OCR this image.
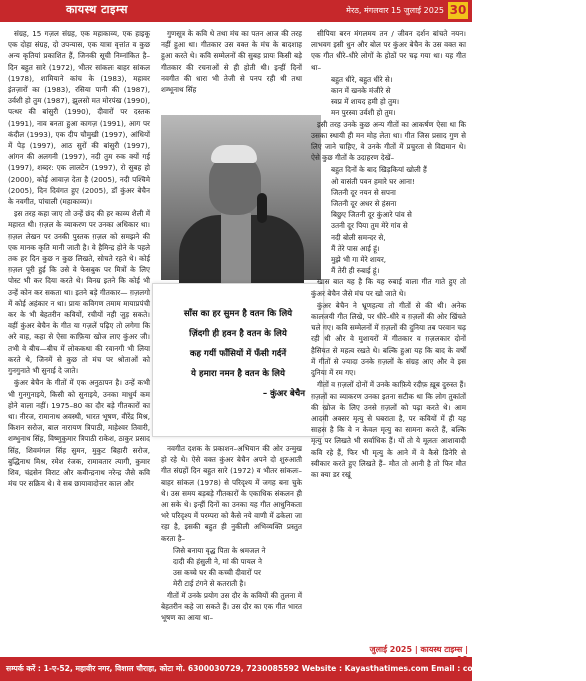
कायस्थ टाइम्स	मेरठ, मंगलवार 15 जुलाई 2025 30

संग्रह, 15 गज़ल संग्रह, एक महाकाव्य, एक हाइकू एक दोहा संग्रह, दो उपन्यास, एक यात्रा वृत्तांत व कुछ अन्य कृतियां प्रकाशित हैं, जिनकी सूची निम्नांकित है– दिन बहुत सारे (1972), भीतर सांकलः बाहर सांकल (1978), शामियाने कांच के (1983), महावर इंतज़ारों का (1983), रसिया पानी की (1987), उर्वशी हो तुम (1987), झुलसो मत मोरपंख (1990), पत्थर की बांसुरी (1990), दीवारों पर दस्तक (1991), नाव बनता हुआ कागज़ (1991), आग पर कंदील (1993), एक दीप चौमुखी (1997), आंधियों में पेड़ (1997), आठ सुरों की बांसुरी (1997), आंगन की अलगनी (1997), नदी तुम रुक क्यों गई (1997), शब्दर: एक लालटेन (1997), रो सुबह हो (2000), कोई आवाज़ देता है (2005), नदी पश्चिमे (2005), दिन दिवंगत हुए (2005), डॉ कुंअर बेचैन के नवगीत, पांचाली (महाकाव्य)।

इस तरह कहा जाए तो उन्हें छंद की हर काव्य शैली में महारत थी। ग़ज़ल के व्याकरण पर उनका अधिकार था। ग़ज़ल लेखन पर उनकी पुस्तक ग़ज़ल को समझने की एक मानक कृति मानी जाती है। वे हैमिन्द्र होने के पहले तक हर दिन कुछ न कुछ लिखते, सोचते रहते थे। कोई ग़ज़ल पूरी हुई कि उसे वे फेसबुक पर मित्रों के लिए पोस्ट भी कर दिया करते थे। विनम्र इतने कि कोई भी उन्हें कोन कर सकता था। इतने बड़े गीतकार— ग़ज़लगो में कोई अहंकार न था। प्रायः कविगण तमाम मायाप्रपंची कर के भी बेहतरीन कवियों, रचीयों नही जुड़ सकते। वहीं कुंअर बेचैन के गीत या गज़लें पढ़िए तो लगेगा कि अरे वाह, कहा से ऐसा काफ़िया खोज लाए कुंअर जी। तभी वे बीच—बीच में लोककथा की रवानगी भी लिया करते थे, जिनमें से कुछ तो मंच पर श्रोताओं को गुनगुनाते भी सुनाई दे जाते।

कुंअर बेचैन के गीतों में एक अनुठापन है। उन्हें कभी भी गुनगुनाइये, किसी को सुनाइये, उनका माधुर्य कम होने वाला नहीं। 1975–80 का दौर बड़े गीतकारों का था। नीरज, रामानाथ अवस्थी, भारत भूषण, वीरेंद्र मिश्र, किशन सरोज, बाल नारायण त्रिपाठी, माहेश्वर तिवारी, शम्भुनाथ सिंह, विष्णुकुमार त्रिपाठी राकेश, ठाकुर प्रसाद सिंह, शिवमंगल सिंह सुमन, मुकुट बिहारी सरोज, बुद्धिनाथ मिश्र, रमेश रंजक, रामावतार त्यागी, कुमार शिव, चंद्रसेन विराट और कवीन्द्रनाथ नरेन्द्र जैसे कवि मंच पर सक्रिय थे। वे सब छायावादोत्तर काल और

गुणसूत्र के कवि थे तथा मंच का पतन आज की तरह नहीं हुआ था। गीतकार उस वक्त के मंच के बादशाह हुआ करते थे। कवि सम्मेलनों की सुबह प्रायः किसी बड़े गीतकार की रचनाओं से ही होती थी। इन्हीं दिनों नवगीत की धारा भी तेजी से पनप रही थी तथा शम्भूनाथ सिंह

साँस का हर सुमन है वतन कि लिये
ज़िंदगी ही हवन है वतन के लिये
कह गयीं फाँसियों में फँसी गर्दनें
ये हमारा नमन है वतन के लिये
– कुंअर बेचैन

नवगीत दशक के प्रकाशन–अभियान की ओर उन्मुख हो रहे थे। ऐसे वक्त कुंअर बेचैन अपने दो शुरुआती गीत संग्रहों दिन बहुत सारे (1972) व भीतर सांकलः–बाहर सांकल (1978) से परिदृश्य में जगह बना चुके थे। उस समय बड़बड़े गीतकारों के एकाधिक संकलन ही आ सके थे। इन्हीं दिनों का उनका यह गीत आधुनिकता भरे परिदृश्य में परम्परा को कैसे नये वाणी में ढकेला जा रहा है, इसकी बहुत ही नुकीली अभिव्यक्ति प्रस्तुत करता है–

जिसे बनाया वृद्ध पिता के श्रमजल ने

दादी की हंसुली ने, मां की पायल ने

उस कच्चे घर की कच्ची दीवारों पर

मेरी टाई टंगने से कतराती है।

गीतों में उनके प्रयोग उस दौर के कवियों की तुलना में बेहतरीन कहे जा सकते हैं। उस दौर का एक गीत भारत भूषण का आया था–

सीपिया बरन मंगलमय तन / जीवन दर्शन बांचते नयन। लाभवग इसी धुन और बोल पर कुंअर बेचैन के उस वक्त का एक गीत धीरे–धीरे लोगों के होठों पर चढ़ गया था। यह गीत था–

बहुत धीरे, बहुत धीरे से।

कान में खनके मंजीरे से

स्वप्न में शायद हमी हो तुम।

मन पुरस्वा उर्वशी हो तुम।

इसी तरह उनके कुछ अन्य गीतों का आकर्षण ऐसा था कि उसका स्थायी ही मन मोह लेता था। गीत जिस प्रसाद गुण से लिए जाने चाहिए, वे उनके गीतों में प्रचुरता से विद्यमान थे। ऐसे कुछ गीतों के उदाहरण देखें–

बहुत दिनों के बाद खिड़कियां खोली हैं

ओ वासंती पवन हमारे घर आना!

जितनी दूर नयन से सपना

जितनी दूर अधर से हंसना

बिछुए जितनी दूर कुंआरे पांव से

उतनी दूर पिया तुम मेरे गांव से

नदी बोली समन्दर से,

मैं तेरे पास आई हूं।

मुझे भी गा मेरे शायर,

मैं तेरी ही रुबाई हूं।

खास बात यह है कि यह रुबाई वाला गीत गाते हुए तो कुंअर बेचैन जैसे मंच पर खो जाते थे।

कुंअर बेचैन ने भ्रूणहत्या तो गीतों से की थी। अनेक कालजयी गीत लिखे, पर धीरे–धीरे व ग़ज़लों की ओर खिंचते चले गए। कवि सम्मेलनों में ग़ज़लों की दुनिया तब परवान चढ़ रही थी और वे मुशायरों में गीतकार व ग़ज़लकार दोनों हैसियत से महत्व रखते थे। बल्कि हुआ यह कि बाद के वर्षों में गीतों से ज्यादा उनके ग़ज़लों के संग्रह आए और वे इस दुनिया में रम गए।

गीतों व ग़ज़लों दोनों में उनके काफ़िये रदीफ़ ख़ूब दुरुस्त हैं। ग़ज़लों का व्याकरण उनका इतना सटीक था कि लोग तुकांतों की खोज के लिए उनसे ग़ज़लों को पढ़ा करते थे। आम आदमी अक्सर मृत्यु से घबराता है, पर कवियों में ही यह साहस है कि वे न केवल मृत्यु का सामना करते हैं, बल्कि मृत्यु पर लिखते भी सर्वाधिक हैं। यों तो ये मूलतः आशावादी कवि रहे हैं, फिर भी मृत्यु के आने में वे कैसे डिनेरि से स्वीकार करते हुए लिखते हैं– मौत तो आनी है तो फिर मौत का क्या डर रखूं

जुलाई 2025 | कायस्थ टाइम्स |
सम्पर्क करें : 1-ए-52, महावीर नगर, विशाल चौराहा, कोटा मो. 6300030729, 7230085592 Website : Kayasthatimes.com Email : contact@kayasthatimes.com
